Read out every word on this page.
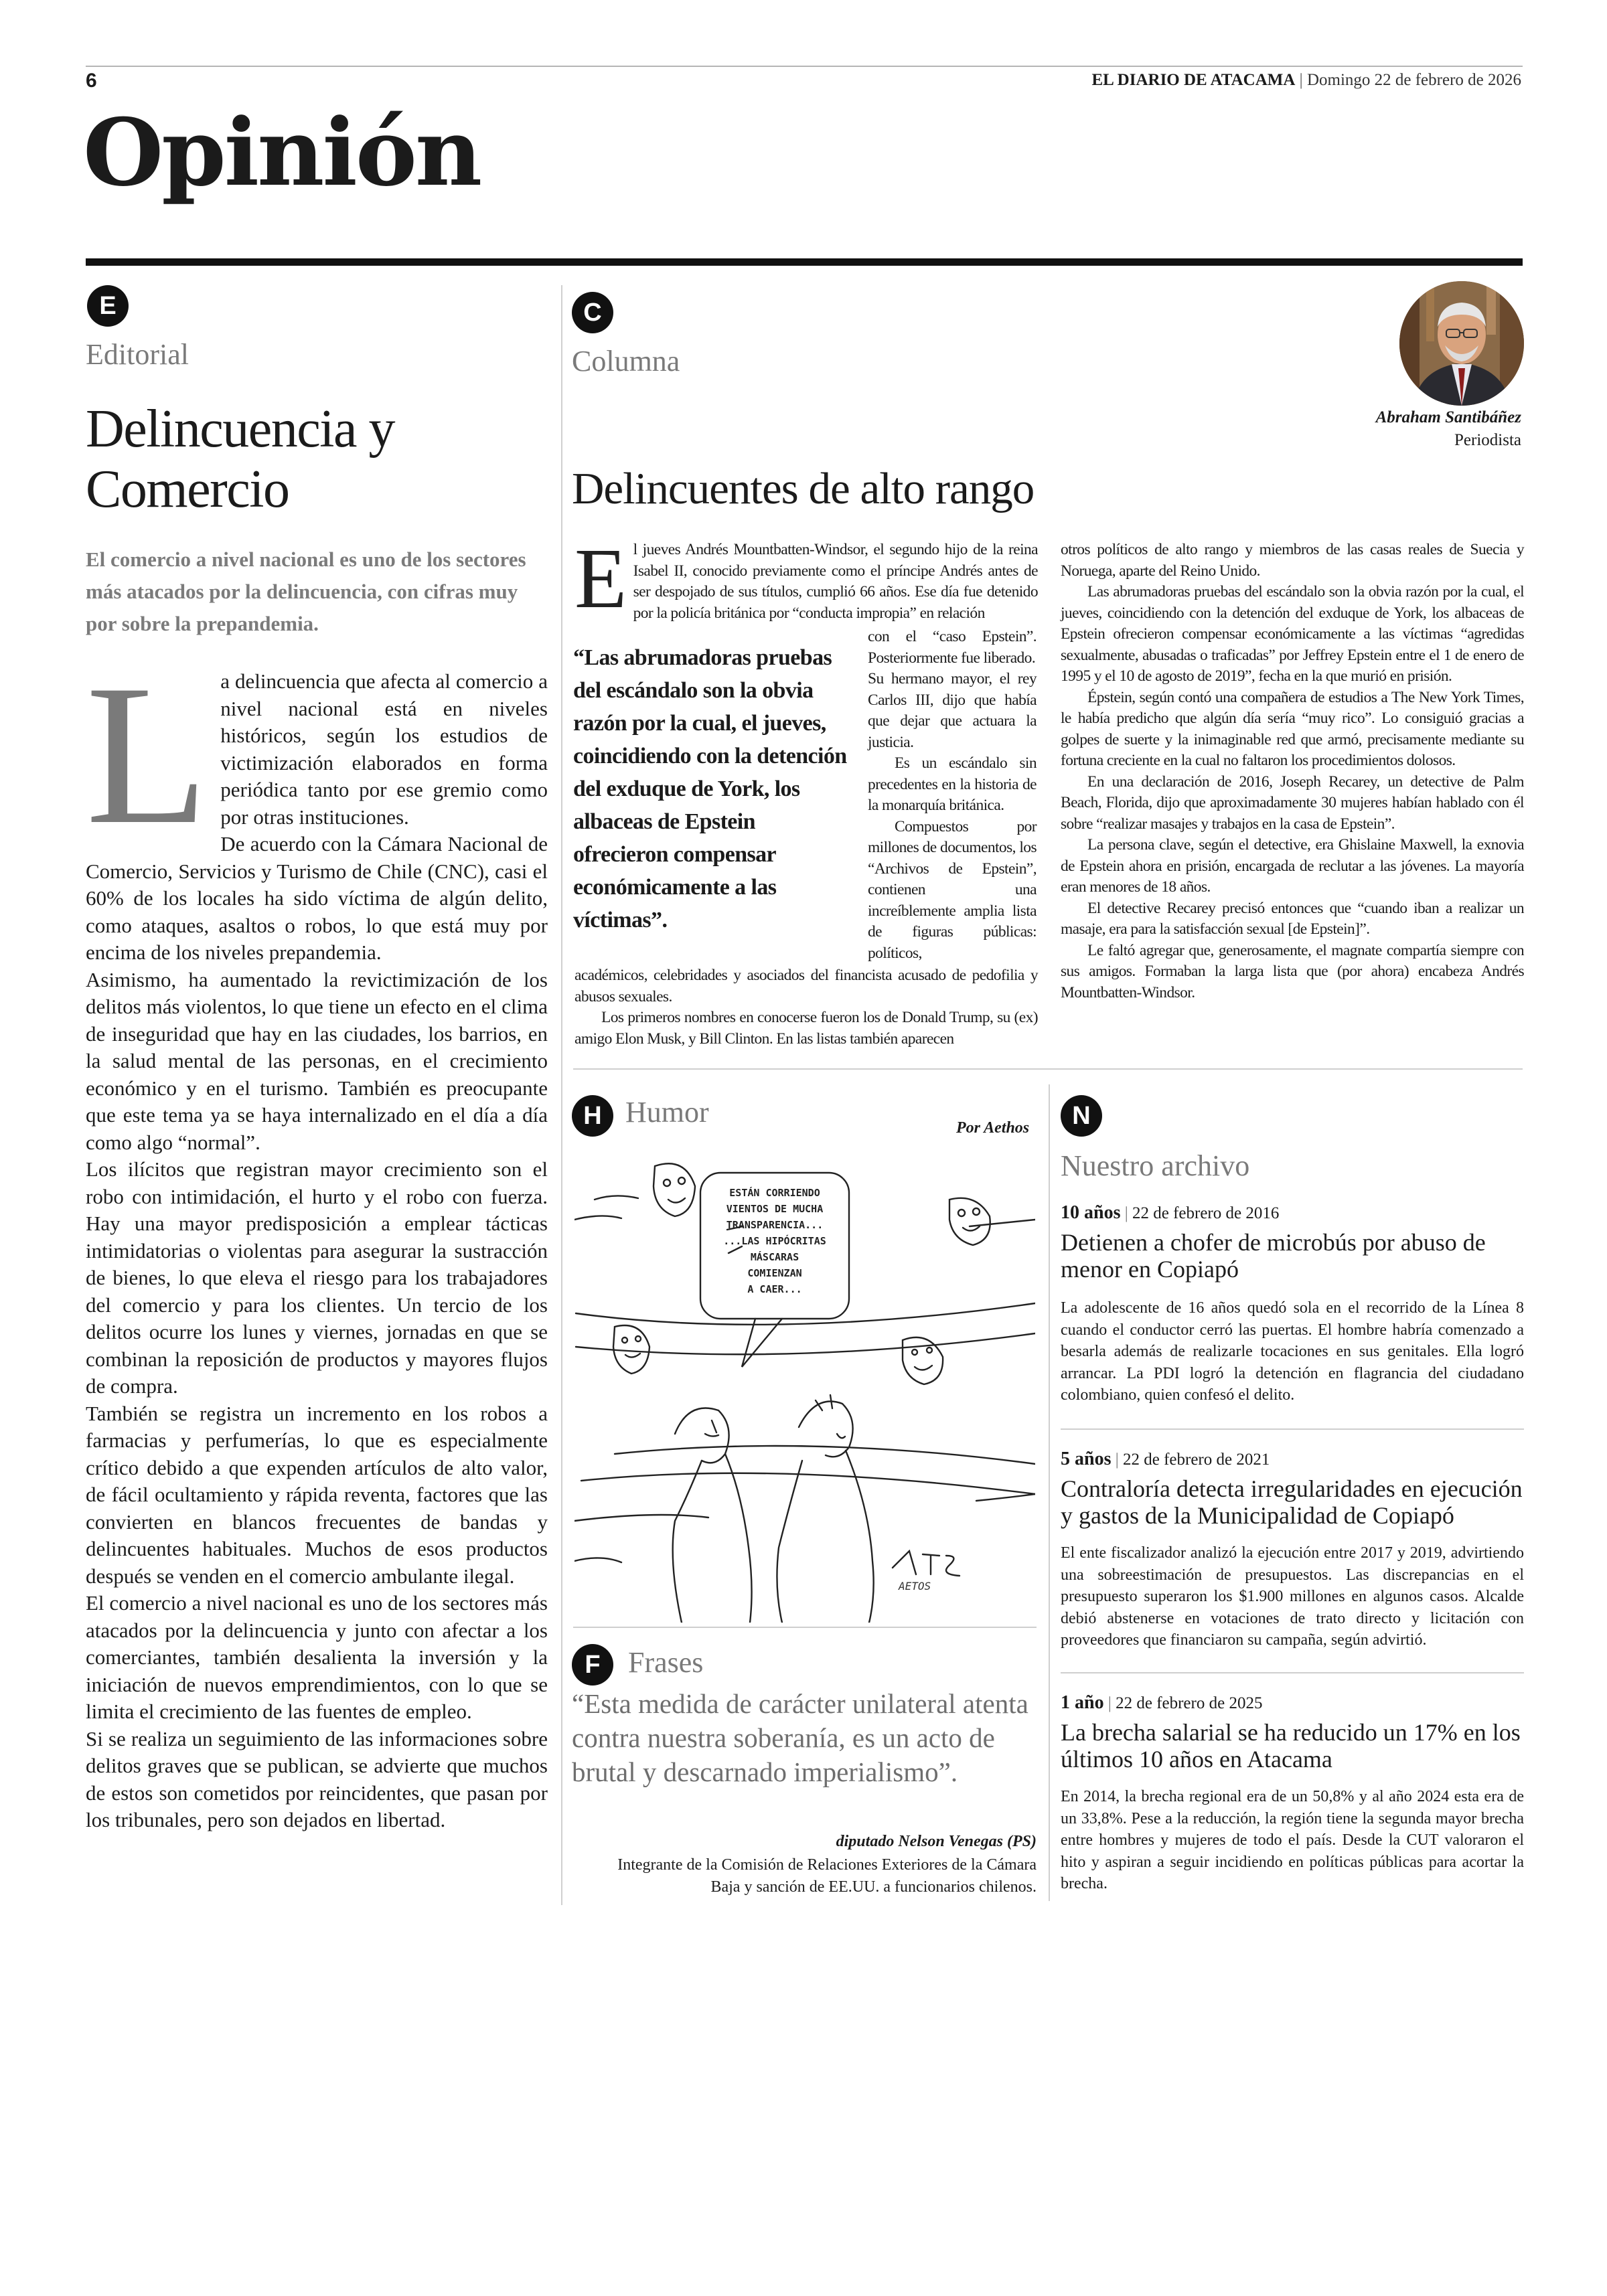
6	EL DIARIO DE ATACAMA | Domingo 22 de febrero de 2026
Opinión
E
Editorial
Delincuencia y Comercio
El comercio a nivel nacional es uno de los sectores más atacados por la delincuencia, con cifras muy por sobre la prepandemia.
L a delincuencia que afecta al comercio a nivel nacional está en niveles históricos, según los estudios de victimización elaborados en forma periódica tanto por ese gremio como por otras instituciones.

De acuerdo con la Cámara Nacional de Comercio, Servicios y Turismo de Chile (CNC), casi el 60% de los locales ha sido víctima de algún delito, como ataques, asaltos o robos, lo que está muy por encima de los niveles prepandemia.

Asimismo, ha aumentado la revictimización de los delitos más violentos, lo que tiene un efecto en el clima de inseguridad que hay en las ciudades, los barrios, en la salud mental de las personas, en el crecimiento económico y en el turismo. También es preocupante que este tema ya se haya internalizado en el día a día como algo “normal”.

Los ilícitos que registran mayor crecimiento son el robo con intimidación, el hurto y el robo con fuerza. Hay una mayor predisposición a emplear tácticas intimidatorias o violentas para asegurar la sustracción de bienes, lo que eleva el riesgo para los trabajadores del comercio y para los clientes. Un tercio de los delitos ocurre los lunes y viernes, jornadas en que se combinan la reposición de productos y mayores flujos de compra.

También se registra un incremento en los robos a farmacias y perfumerías, lo que es especialmente crítico debido a que expenden artículos de alto valor, de fácil ocultamiento y rápida reventa, factores que las convierten en blancos frecuentes de bandas y delincuentes habituales. Muchos de esos productos después se venden en el comercio ambulante ilegal.

El comercio a nivel nacional es uno de los sectores más atacados por la delincuencia y junto con afectar a los comerciantes, también desalienta la inversión y la iniciación de nuevos emprendimientos, con lo que se limita el crecimiento de las fuentes de empleo.

Si se realiza un seguimiento de las informaciones sobre delitos graves que se publican, se advierte que muchos de estos son cometidos por reincidentes, que pasan por los tribunales, pero son dejados en libertad.

C
Columna
Abraham Santibáñez
Periodista
Delincuentes de alto rango
E l jueves Andrés Mountbatten-Windsor, el segundo hijo de la reina Isabel II, conocido previamente como el príncipe Andrés antes de ser despojado de sus títulos, cumplió 66 años. Ese día fue detenido por la policía británica por “conducta impropia” en relación
“Las abrumadoras pruebas del escándalo son la obvia razón por la cual, el jueves, coincidiendo con la detención del exduque de York, los albaceas de Epstein ofrecieron compensar económicamente a las víctimas”.

con el “caso Epstein”. Posteriormente fue liberado.

Su hermano mayor, el rey Carlos III, dijo que había que dejar que actuara la justicia.

Es un escándalo sin precedentes en la historia de la monarquía británica.

Compuestos por millones de documentos, los “Archivos de Epstein”, contienen una increíblemente amplia lista de figuras públicas: políticos,

académicos, celebridades y asociados del financista acusado de pedofilia y abusos sexuales.

Los primeros nombres en conocerse fueron los de Donald Trump, su (ex) amigo Elon Musk, y Bill Clinton. En las listas también aparecen

otros políticos de alto rango y miembros de las casas reales de Suecia y Noruega, aparte del Reino Unido.

Las abrumadoras pruebas del escándalo son la obvia razón por la cual, el jueves, coincidiendo con la detención del exduque de York, los albaceas de Epstein ofrecieron compensar económicamente a las víctimas “agredidas sexualmente, abusadas o traficadas” por Jeffrey Epstein entre el 1 de enero de 1995 y el 10 de agosto de 2019”, fecha en la que murió en prisión.

Épstein, según contó una compañera de estudios a The New York Times, le había predicho que algún día sería “muy rico”. Lo consiguió gracias a golpes de suerte y la inimaginable red que armó, precisamente mediante su fortuna creciente en la cual no faltaron los procedimientos dolosos.

En una declaración de 2016, Joseph Recarey, un detective de Palm Beach, Florida, dijo que aproximadamente 30 mujeres habían hablado con él sobre “realizar masajes y trabajos en la casa de Epstein”.

La persona clave, según el detective, era Ghislaine Maxwell, la exnovia de Epstein ahora en prisión, encargada de reclutar a las jóvenes. La mayoría eran menores de 18 años.

El detective Recarey precisó entonces que “cuando iban a realizar un masaje, era para la satisfacción sexual [de Epstein]”.

Le faltó agregar que, generosamente, el magnate compartía siempre con sus amigos. Formaban la larga lista que (por ahora) encabeza Andrés Mountbatten-Windsor.

H Humor	Por Aethos
ESTÁN CORRIENDO
VIENTOS DE MUCHA
TRANSPARENCIA...
...LAS HIPÓCRITAS
MÁSCARAS
COMIENZAN
A CAER...
AETOS
F Frases
“Esta medida de carácter unilateral atenta contra nuestra soberanía, es un acto de brutal y descarnado imperialismo”.
diputado Nelson Venegas (PS)
Integrante de la Comisión de Relaciones Exteriores de la Cámara Baja y sanción de EE.UU. a funcionarios chilenos.
N
Nuestro archivo
10 años | 22 de febrero de 2016
Detienen a chofer de microbús por abuso de menor en Copiapó
La adolescente de 16 años quedó sola en el recorrido de la Línea 8 cuando el conductor cerró las puertas. El hombre habría comenzado a besarla además de realizarle tocaciones en sus genitales. Ella logró arrancar. La PDI logró la detención en flagrancia del ciudadano colombiano, quien confesó el delito.
5 años | 22 de febrero de 2021
Contraloría detecta irregularidades en ejecución y gastos de la Municipalidad de Copiapó
El ente fiscalizador analizó la ejecución entre 2017 y 2019, advirtiendo una sobreestimación de presupuestos. Las discrepancias en el presupuesto superaron los $1.900 millones en algunos casos. Alcalde debió abstenerse en votaciones de trato directo y licitación con proveedores que financiaron su campaña, según advirtió.
1 año | 22 de febrero de 2025
La brecha salarial se ha reducido un 17% en los últimos 10 años en Atacama
En 2014, la brecha regional era de un 50,8% y al año 2024 esta era de un 33,8%. Pese a la reducción, la región tiene la segunda mayor brecha entre hombres y mujeres de todo el país. Desde la CUT valoraron el hito y aspiran a seguir incidiendo en políticas públicas para acortar la brecha.
